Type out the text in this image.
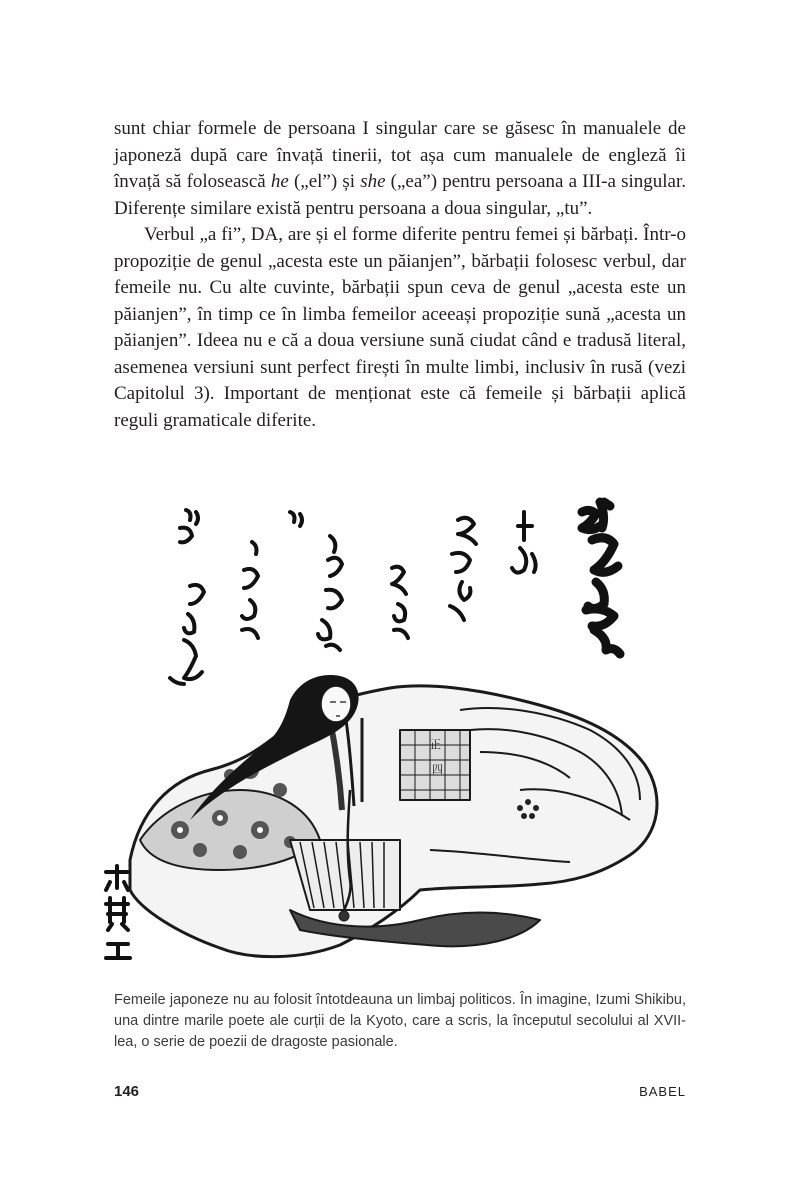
sunt chiar formele de persoana I singular care se găsesc în manualele de japoneză după care învață tinerii, tot așa cum manualele de engleză îi învață să folosească he („el”) și she („ea”) pentru persoana a III-a singular. Diferențe similare există pentru persoana a doua singular, „tu”.

Verbul „a fi”, DA, are și el forme diferite pentru femei și bărbați. Într-o propoziție de genul „acesta este un păianjen”, bărbații folosesc verbul, dar femeile nu. Cu alte cuvinte, bărbații spun ceva de genul „acesta este un păianjen”, în timp ce în limba femeilor aceeași propoziție sună „acesta un păianjen”. Ideea nu e că a doua versiune sună ciudat când e tradusă literal, asemenea versiuni sunt perfect firești în multe limbi, inclusiv în rusă (vezi Capitolul 3). Important de menționat este că femeile și bărbații aplică reguli gramaticale diferite.

正
四

Femeile japoneze nu au folosit întotdeauna un limbaj politicos. În imagine, Izumi Shikibu, una dintre marile poete ale curții de la Kyoto, care a scris, la începutul secolului al XVII-lea, o serie de poezii de dragoste pasionale.

146	BABEL
